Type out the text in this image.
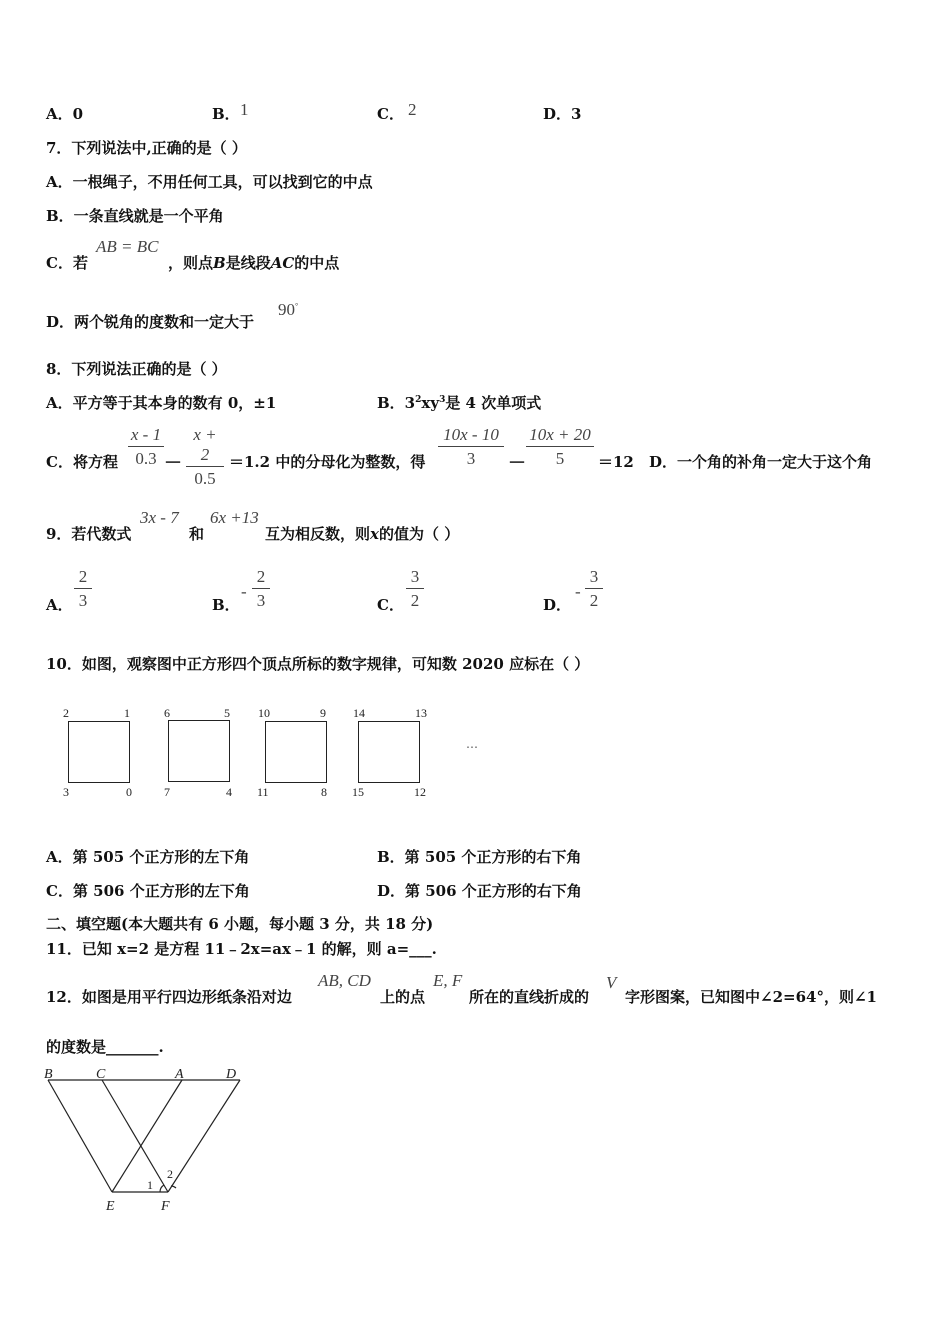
A．0	B． 1	C． 2	D．3
7．下列说法中,正确的是（ ）
A．一根绳子，不用任何工具，可以找到它的中点
B．一条直线就是一个平角
C．若
AB = BC
，则点B是线段AC的中点
D．两个锐角的度数和一定大于
90°
8．下列说法正确的是（ ）
A．平方等于其本身的数有 0，±1	B．$3^2xy^3$是 4 次单项式
C．将方程
x - 1
0.3 －
x + 2
0.5
＝1.2 中的分母化为整数，得
10x - 10
3	－
10x + 20
5	＝12 D．一个角的补角一定大于这个角
9．若代数式
3x - 7
和
6x +13
互为相反数，则x的值为（ ）
A．
2
3	B．
-
2
3	C．
3
2	D．
-
3
2
10．如图，观察图中正方形四个顶点所标的数字规律，可知数 2020 应标在（ ）
2	1
3	0
6	5
7	4
10	9
11	8
14	13
15	12
…
A．第 505 个正方形的左下角	B．第 505 个正方形的右下角
C．第 506 个正方形的左下角	D．第 506 个正方形的右下角
二、填空题(本大题共有 6 小题，每小题 3 分，共 18 分)
11．已知 x=2 是方程 11﹣2x=ax﹣1 的解，则 a=___.
12．如图是用平行四边形纸条沿对边
AB, CD
上的点
E, F
所在的直线折成的
V
字形图案，已知图中∠2=64°，则∠1
的度数是_______.
B	C	A	D
E	F
1
2
